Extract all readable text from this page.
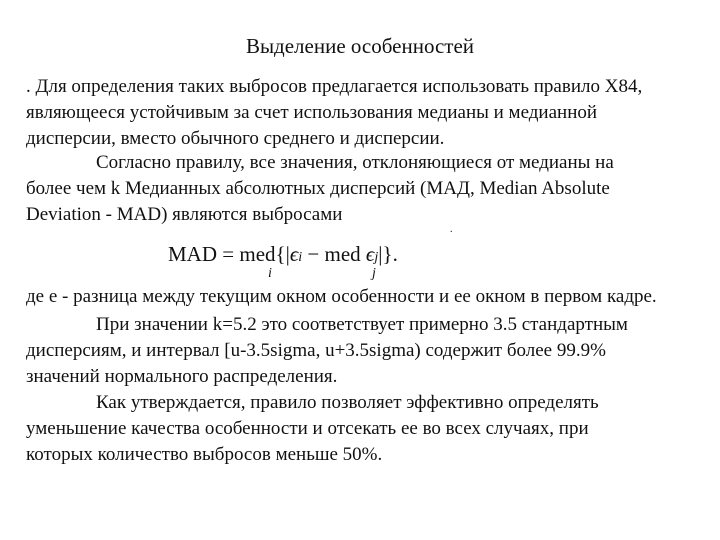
Выделение особенностей
. Для определения таких выбросов предлагается использовать правило X84,
являющееся устойчивым за счет использования медианы и медианной
дисперсии, вместо обычного среднего и дисперсии.
Согласно правилу, все значения, отклоняющиеся от медианы на
более чем k Медианных абсолютных дисперсий (МАД, Median Absolute
Deviation - MAD) являются выбросами
.
MAD = med{|ϵi − med ϵj|}.
i	j
де e - разница между текущим окном особенности и ее окном в первом кадре.
При значении k=5.2 это соответствует примерно 3.5 стандартным
дисперсиям, и интервал [u-3.5sigma, u+3.5sigma) содержит более 99.9%
значений нормального распределения.
Как утверждается, правило позволяет эффективно определять
уменьшение качества особенности и отсекать ее во всех случаях, при
которых количество выбросов меньше 50%.
